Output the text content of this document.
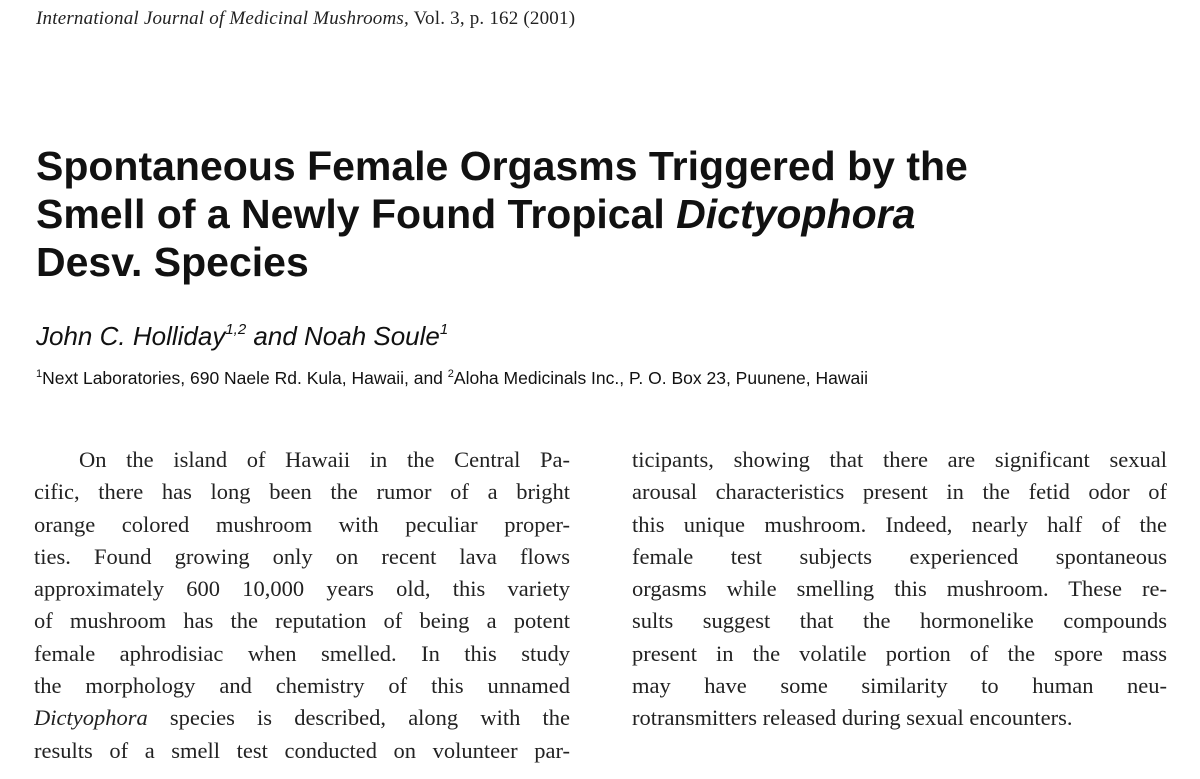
International Journal of Medicinal Mushrooms, Vol. 3, p. 162 (2001)
Spontaneous Female Orgasms Triggered by the
Smell of a Newly Found Tropical Dictyophora
Desv. Species
John C. Holliday$^{1,2}$ and Noah Soule$^1$
$^1$Next Laboratories, 690 Naele Rd. Kula, Hawaii, and $^2$Aloha Medicinals Inc., P. O. Box 23, Puunene, Hawaii
On the island of Hawaii in the Central Pa-
cific, there has long been the rumor of a bright
orange colored mushroom with peculiar proper-
ties. Found growing only on recent lava flows
approximately 600 10,000 years old, this variety
of mushroom has the reputation of being a potent
female aphrodisiac when smelled. In this study
the morphology and chemistry of this unnamed
Dictyophora species is described, along with the
results of a smell test conducted on volunteer par-
ticipants, showing that there are significant sexual
arousal characteristics present in the fetid odor of
this unique mushroom. Indeed, nearly half of the
female test subjects experienced spontaneous
orgasms while smelling this mushroom. These re-
sults suggest that the hormonelike compounds
present in the volatile portion of the spore mass
may have some similarity to human neu-
rotransmitters released during sexual encounters.
